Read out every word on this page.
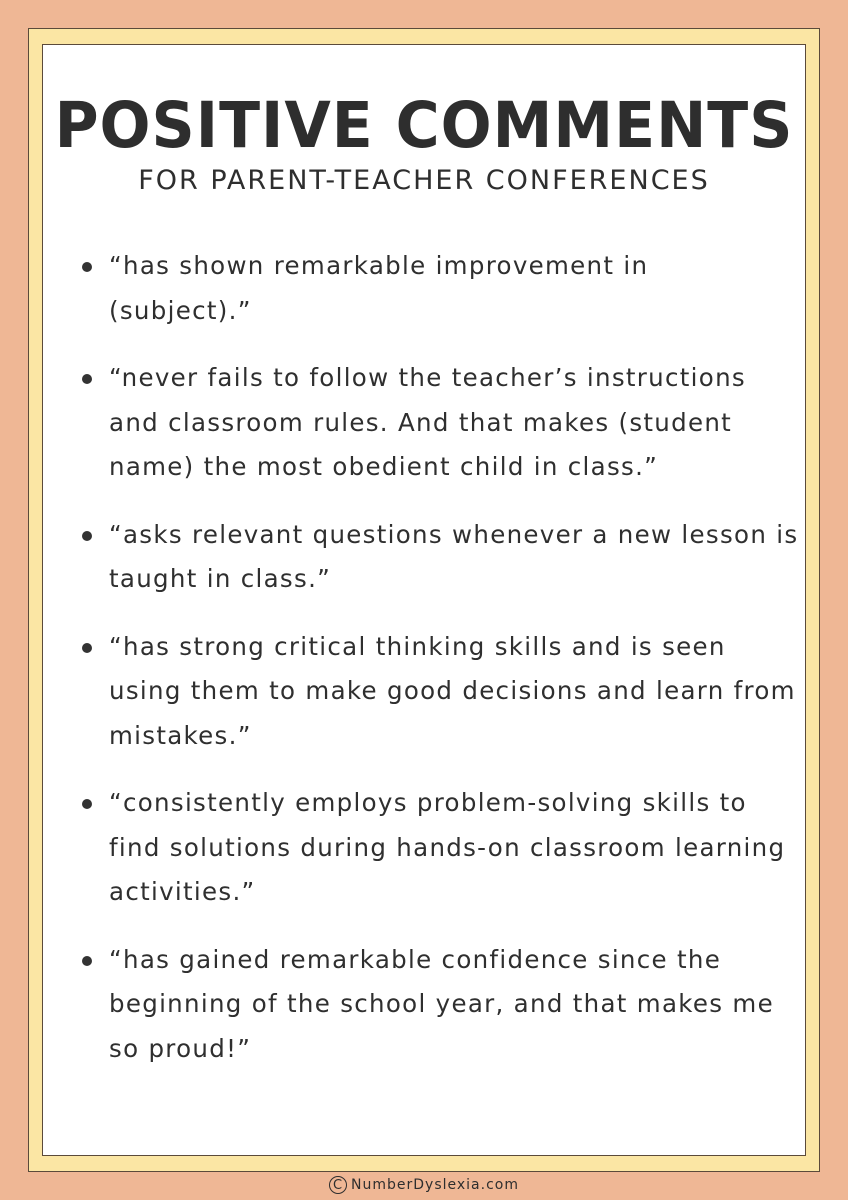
POSITIVE COMMENTS
FOR PARENT-TEACHER CONFERENCES
“has shown remarkable improvement in (subject).”
“never fails to follow the teacher’s instructions and classroom rules. And that makes (student name) the most obedient child in class.”
“asks relevant questions whenever a new lesson is taught in class.”
“has strong critical thinking skills and is seen using them to make good decisions and learn from mistakes.”
“consistently employs problem-solving skills to find solutions during hands-on classroom learning activities.”
“has gained remarkable confidence since the beginning of the school year, and that makes me so proud!”
C NumberDyslexia.com
